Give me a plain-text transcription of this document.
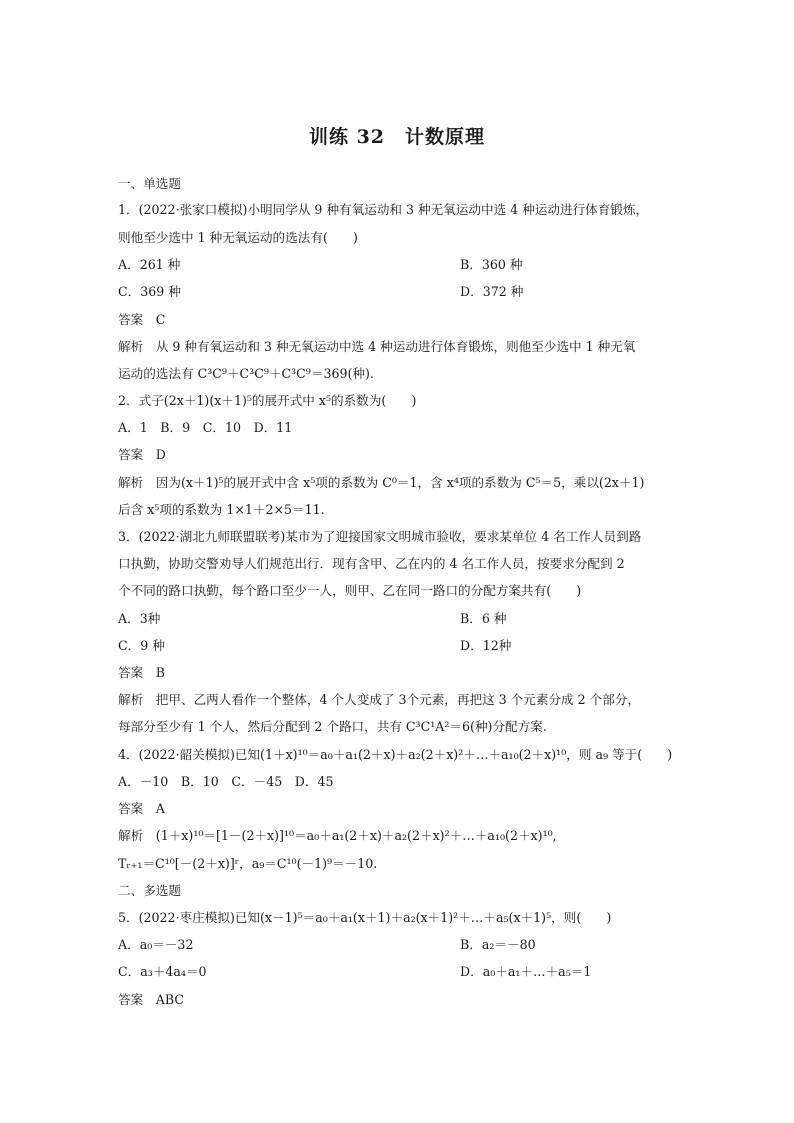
训练 32　计数原理
一、单选题
1．(2022·张家口模拟)小明同学从 9 种有氧运动和 3 种无氧运动中选 4 种运动进行体育锻炼，
则他至少选中 1 种无氧运动的选法有(　　)
A．261 种	B．360 种
C．369 种	D．372 种
答案　C
解析　从 9 种有氧运动和 3 种无氧运动中选 4 种运动进行体育锻炼，则他至少选中 1 种无氧
运动的选法有 C³C⁹＋C³C⁹＋C³C⁹＝369(种).
2．式子(2x＋1)(x＋1)⁵的展开式中 x⁵的系数为(　　)
A．1　B．9　C．10　D．11
答案　D
解析　因为(x＋1)⁵的展开式中含 x⁵项的系数为 C⁰＝1，含 x⁴项的系数为 C⁵＝5，乘以(2x＋1)
后含 x⁵项的系数为 1×1＋2×5＝11.
3．(2022·湖北九师联盟联考)某市为了迎接国家文明城市验收，要求某单位 4 名工作人员到路
口执勤，协助交警劝导人们规范出行．现有含甲、乙在内的 4 名工作人员，按要求分配到 2
个不同的路口执勤，每个路口至少一人，则甲、乙在同一路口的分配方案共有(　　)
A．3种	B．6 种
C．9 种	D．12种
答案　B
解析　把甲、乙两人看作一个整体，4 个人变成了 3个元素，再把这 3 个元素分成 2 个部分，
每部分至少有 1 个人，然后分配到 2 个路口，共有 C³C¹A²＝6(种)分配方案.
4．(2022·韶关模拟)已知(1＋x)¹⁰＝a₀＋a₁(2＋x)＋a₂(2＋x)²＋…＋a₁₀(2＋x)¹⁰，则 a₉ 等于(　　)
A．－10　B．10　C．－45　D．45
答案　A
解析　(1＋x)¹⁰＝[1－(2＋x)]¹⁰＝a₀＋a₁(2＋x)＋a₂(2＋x)²＋…＋a₁₀(2＋x)¹⁰,
Tᵣ₊₁＝C¹⁰[－(2＋x)]ʳ，a₉＝C¹⁰(－1)⁹＝－10.
二、多选题
5．(2022·枣庄模拟)已知(x－1)⁵＝a₀＋a₁(x＋1)＋a₂(x＋1)²＋…＋a₅(x＋1)⁵，则(　　)
A．a₀＝－32	B．a₂＝－80
C．a₃＋4a₄＝0	D．a₀＋a₁＋…＋a₅＝1
答案　ABC
